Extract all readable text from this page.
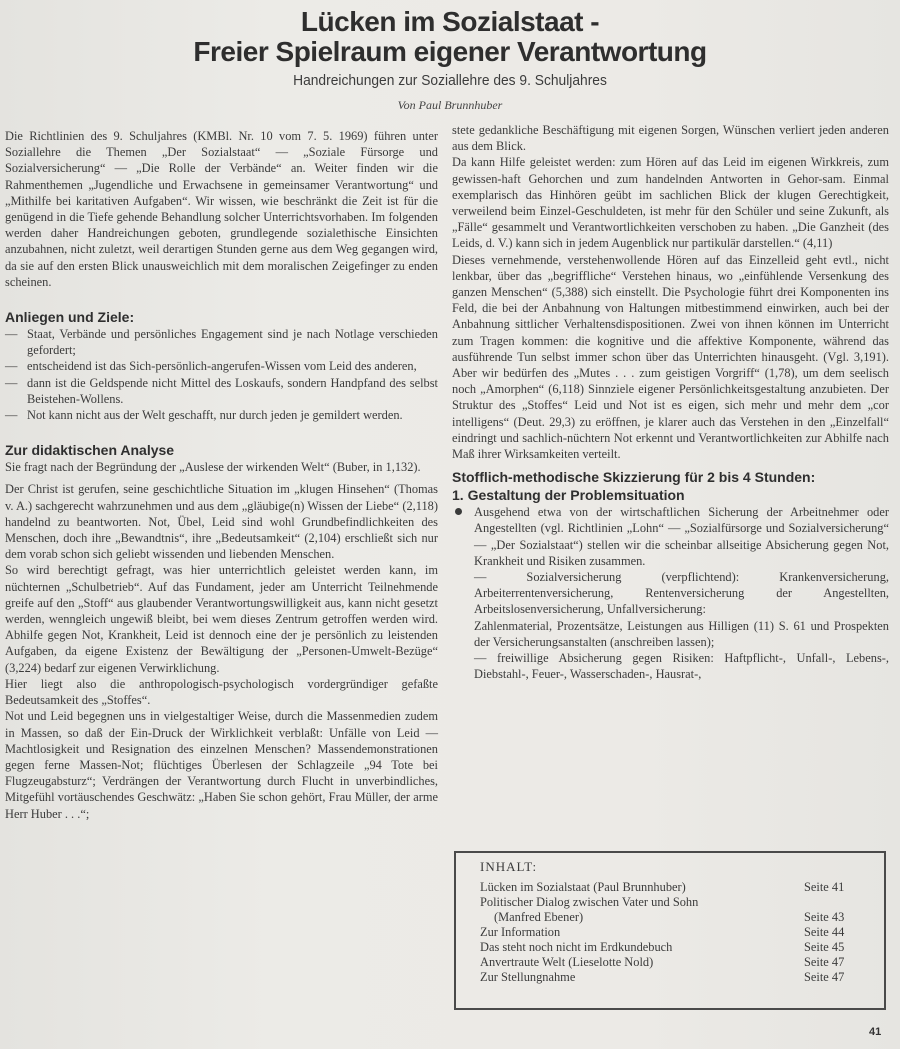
Lücken im Sozialstaat -
Freier Spielraum eigener Verantwortung
Handreichungen zur Soziallehre des 9. Schuljahres
Von Paul Brunnhuber

Die Richtlinien des 9. Schuljahres (KMBl. Nr. 10 vom 7. 5. 1969) führen unter Soziallehre die Themen „Der Sozialstaat“ — „Soziale Fürsorge und Sozialversicherung“ — „Die Rolle der Verbände“ an. Weiter finden wir die Rahmenthemen „Jugendliche und Erwachsene in gemeinsamer Verantwortung“ und „Mithilfe bei karitativen Aufgaben“. Wir wissen, wie beschränkt die Zeit ist für die genügend in die Tiefe gehende Behandlung solcher Unterrichtsvorhaben. Im folgenden werden daher Handreichungen geboten, grundlegende sozialethische Einsichten anzubahnen, nicht zuletzt, weil derartigen Stunden gerne aus dem Weg gegangen wird, da sie auf den ersten Blick unausweichlich mit dem moralischen Zeigefinger zu enden scheinen.

Anliegen und Ziele:
— Staat, Verbände und persönliches Engagement sind je nach Notlage verschieden gefordert;
— entscheidend ist das Sich-persönlich-angerufen-Wissen vom Leid des anderen,
— dann ist die Geldspende nicht Mittel des Loskaufs, sondern Handpfand des selbst Beistehen-Wollens.
— Not kann nicht aus der Welt geschafft, nur durch jeden je gemildert werden.
Zur didaktischen Analyse

Sie fragt nach der Begründung der „Auslese der wirkenden Welt“ (Buber, in 1,132).

Der Christ ist gerufen, seine geschichtliche Situation im „klugen Hinsehen“ (Thomas v. A.) sachgerecht wahrzunehmen und aus dem „gläubige(n) Wissen der Liebe“ (2,118) handelnd zu beantworten. Not, Übel, Leid sind wohl Grundbefindlichkeiten des Menschen, doch ihre „Bewandtnis“, ihre „Bedeutsamkeit“ (2,104) erschließt sich nur dem vorab schon sich geliebt wissenden und liebenden Menschen.

So wird berechtigt gefragt, was hier unterrichtlich geleistet werden kann, im nüchternen „Schulbetrieb“. Auf das Fundament, jeder am Unterricht Teilnehmende greife auf den „Stoff“ aus glaubender Verantwortungswilligkeit aus, kann nicht gesetzt werden, wenngleich ungewiß bleibt, bei wem dieses Zentrum getroffen werden wird. Abhilfe gegen Not, Krankheit, Leid ist dennoch eine der je persönlich zu leistenden Aufgaben, da eigene Existenz der Bewältigung der „Personen-Umwelt-Bezüge“ (3,224) bedarf zur eigenen Verwirklichung.

Hier liegt also die anthropologisch-psychologisch vordergründiger gefaßte Bedeutsamkeit des „Stoffes“.

Not und Leid begegnen uns in vielgestaltiger Weise, durch die Massenmedien zudem in Massen, so daß der Ein-Druck der Wirklichkeit verblaßt: Unfälle von Leid — Machtlosigkeit und Resignation des einzelnen Menschen? Massendemonstrationen gegen ferne Massen-Not; flüchtiges Überlesen der Schlagzeile „94 Tote bei Flugzeugabsturz“; Verdrängen der Verantwortung durch Flucht in unverbindliches, Mitgefühl vortäuschendes Geschwätz: „Haben Sie schon gehört, Frau Müller, der arme Herr Huber . . .“;

stete gedankliche Beschäftigung mit eigenen Sorgen, Wünschen verliert jeden anderen aus dem Blick.

Da kann Hilfe geleistet werden: zum Hören auf das Leid im eigenen Wirkkreis, zum gewissen-haft Gehorchen und zum handelnden Antworten in Gehor-sam. Einmal exemplarisch das Hinhören geübt im sachlichen Blick der klugen Gerechtigkeit, verweilend beim Einzel-Geschuldeten, ist mehr für den Schüler und seine Zukunft, als „Fälle“ gesammelt und Verantwortlichkeiten verschoben zu haben. „Die Ganzheit (des Leids, d. V.) kann sich in jedem Augenblick nur partikulär darstellen.“ (4,11)

Dieses vernehmende, verstehenwollende Hören auf das Einzelleid geht evtl., nicht lenkbar, über das „begriffliche“ Verstehen hinaus, wo „einfühlende Versenkung des ganzen Menschen“ (5,388) sich einstellt. Die Psychologie führt drei Komponenten ins Feld, die bei der Anbahnung von Haltungen mitbestimmend einwirken, auch bei der Anbahnung sittlicher Verhaltensdispositionen. Zwei von ihnen können im Unterricht zum Tragen kommen: die kognitive und die affektive Komponente, während das ausführende Tun selbst immer schon über das Unterrichten hinausgeht. (Vgl. 3,191). Aber wir bedürfen des „Mutes . . . zum geistigen Vorgriff“ (1,78), um dem seelisch noch „Amorphen“ (6,118) Sinnziele eigener Persönlichkeitsgestaltung anzubieten. Der Struktur des „Stoffes“ Leid und Not ist es eigen, sich mehr und mehr dem „cor intelligens“ (Deut. 29,3) zu eröffnen, je klarer auch das Verstehen in den „Einzelfall“ eindringt und sachlich-nüchtern Not erkennt und Verantwortlichkeiten zur Abhilfe nach Maß ihrer Wirksamkeiten verteilt.

Stofflich-methodische Skizzierung für 2 bis 4 Stunden:
1. Gestaltung der Problemsituation

Ausgehend etwa von der wirtschaftlichen Sicherung der Arbeitnehmer oder Angestellten (vgl. Richtlinien „Lohn“ — „Sozialfürsorge und Sozialversicherung“ — „Der Sozialstaat“) stellen wir die scheinbar allseitige Absicherung gegen Not, Krankheit und Risiken zusammen.

— Sozialversicherung (verpflichtend): Krankenversicherung, Arbeiterrentenversicherung, Rentenversicherung der Angestellten, Arbeitslosenversicherung, Unfallversicherung:

Zahlenmaterial, Prozentsätze, Leistungen aus Hilligen (11) S. 61 und Prospekten der Versicherungsanstalten (anschreiben lassen);

— freiwillige Absicherung gegen Risiken: Haftpflicht-, Unfall-, Lebens-, Diebstahl-, Feuer-, Wasserschaden-, Hausrat-,

INHALT:
Lücken im Sozialstaat (Paul Brunnhuber)	Seite 41
Politischer Dialog zwischen Vater und Sohn
(Manfred Ebener)	Seite 43
Zur Information	Seite 44
Das steht noch nicht im Erdkundebuch	Seite 45
Anvertraute Welt (Lieselotte Nold)	Seite 47
Zur Stellungnahme	Seite 47
41
